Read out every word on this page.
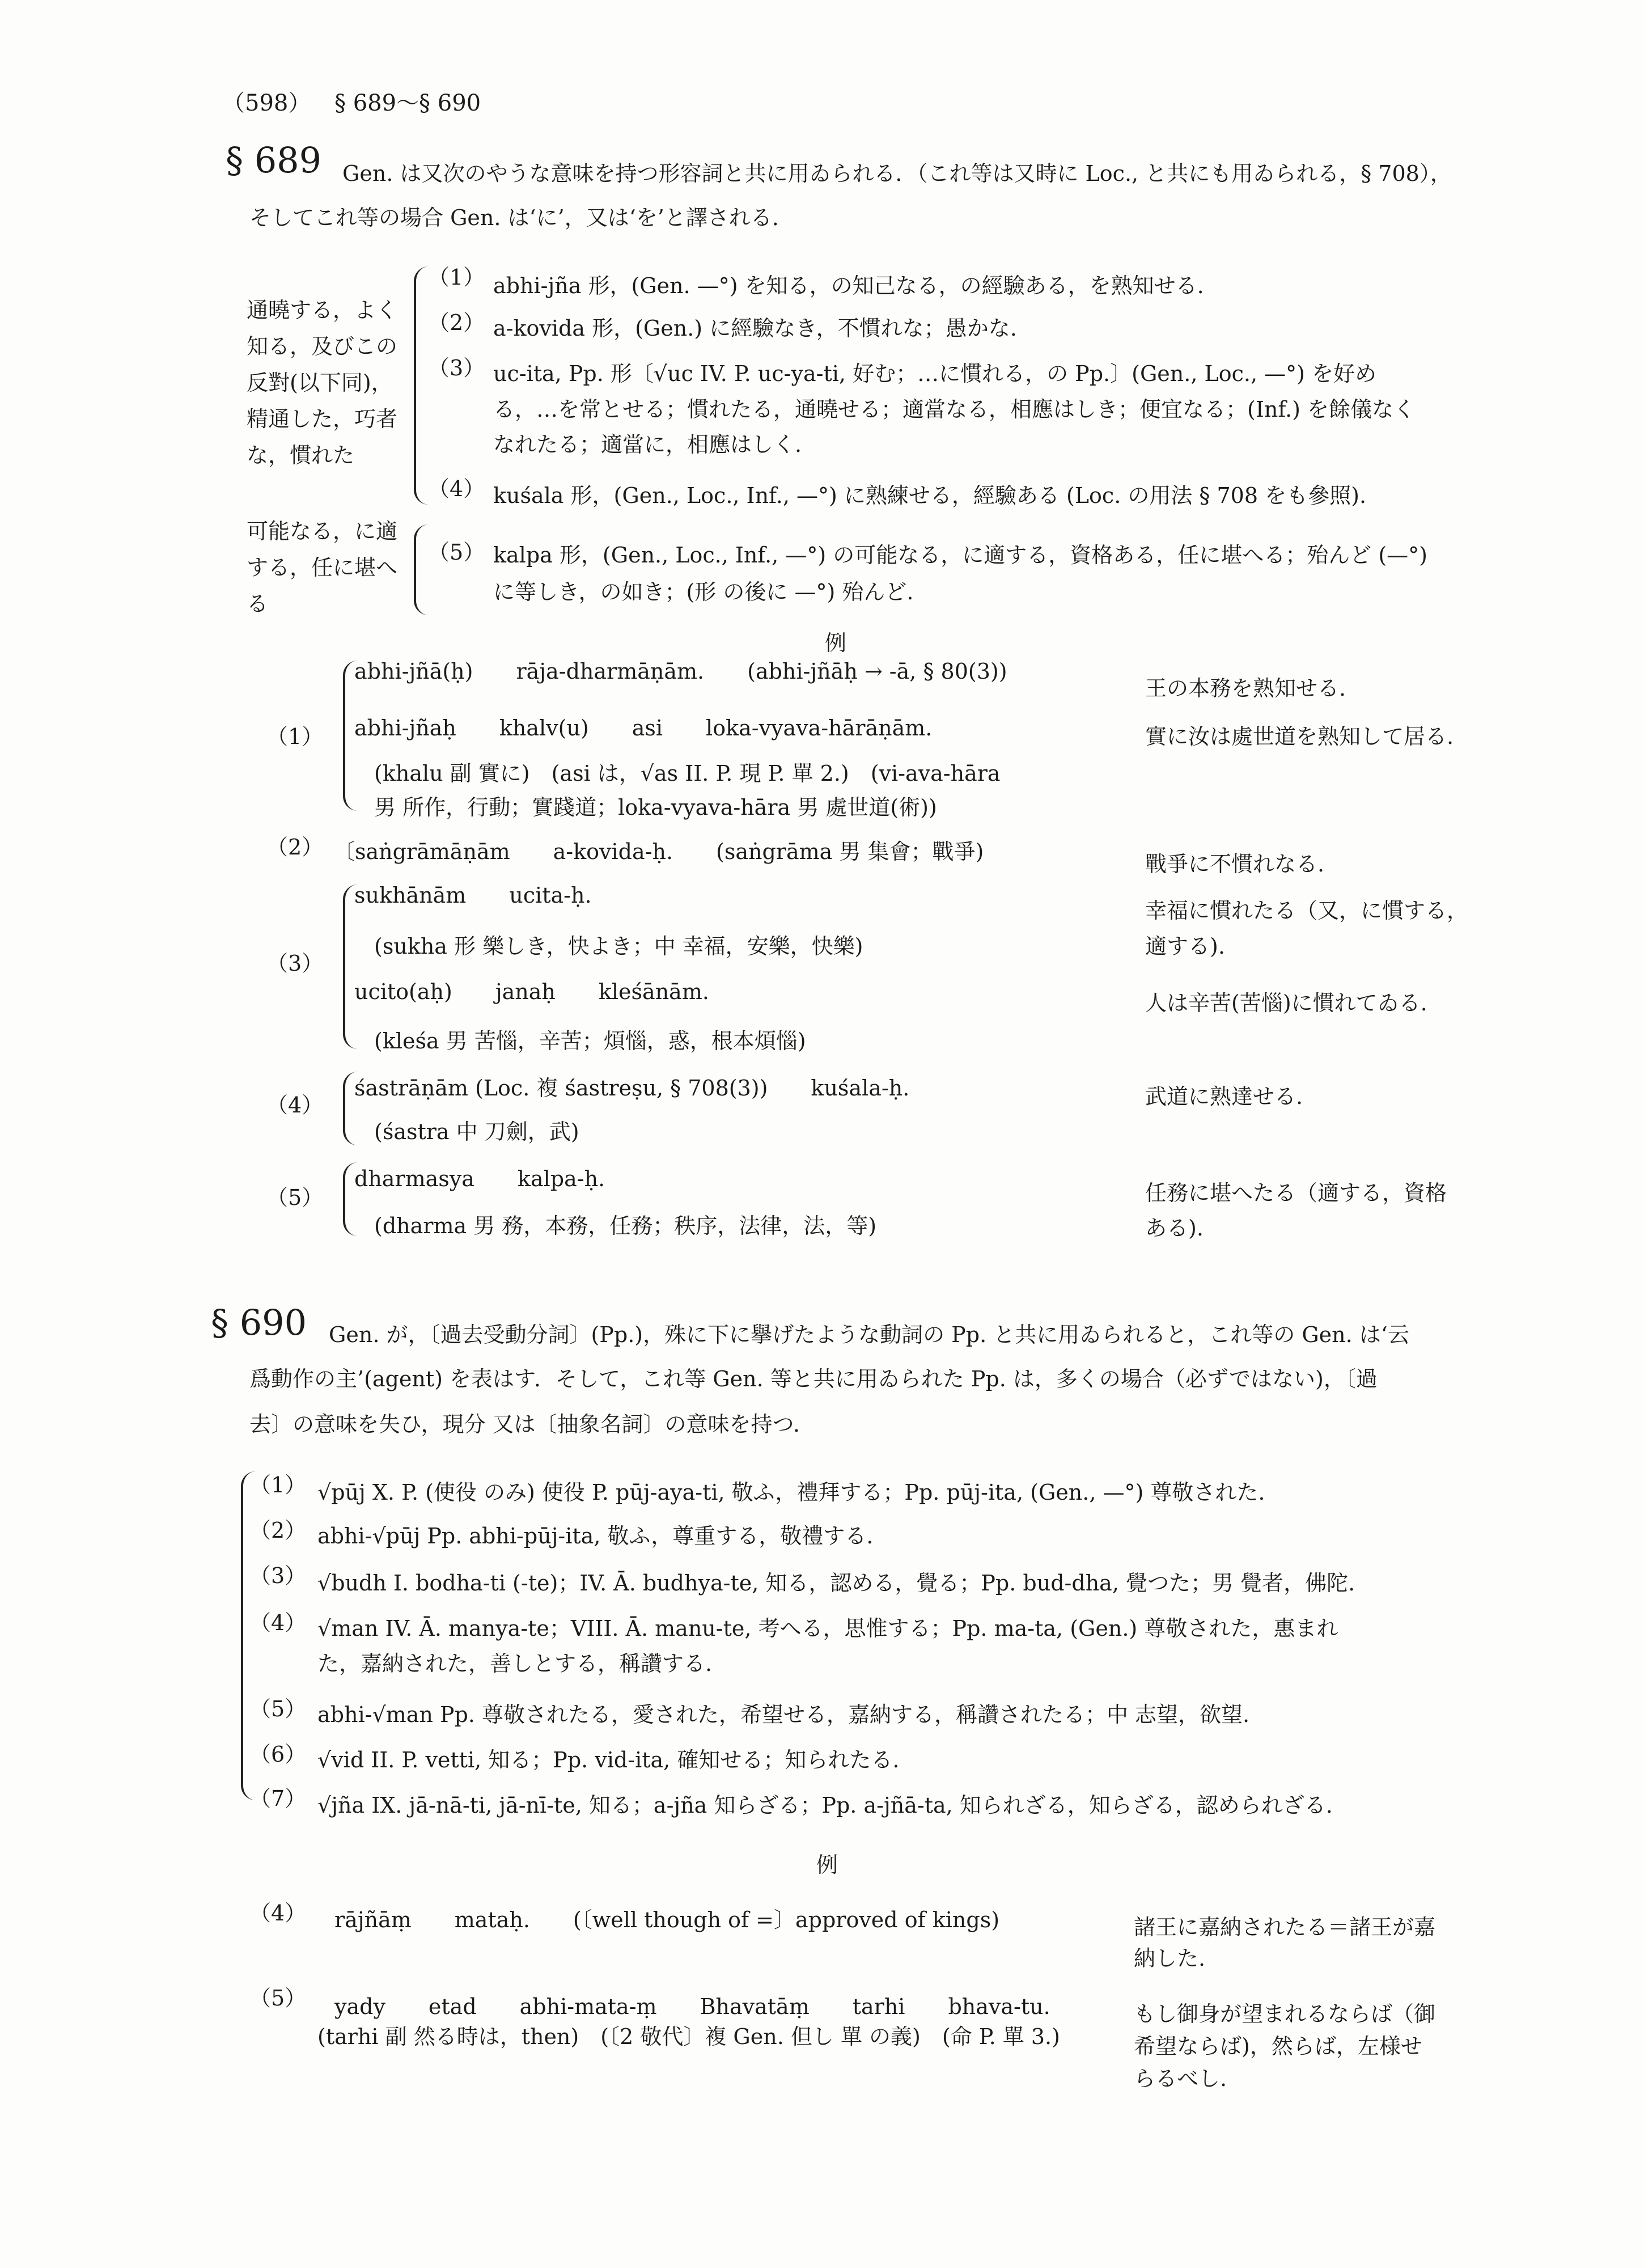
（598） § 689〜§ 690
§ 689 Gen. は又次のやうな意味を持つ形容詞と共に用ゐられる．（これ等は又時に Loc., と共にも用ゐられる，§ 708），
そしてこれ等の場合 Gen. は‘に’，又は‘を’と譯される．
通曉する，よく
知る，及びこの
反對(以下同)，
精通した，巧者
な，慣れた
可能なる，に適
する，任に堪へ
る
（1） abhi-jña 形，(Gen. —°) を知る，の知己なる，の經驗ある，を熟知せる.
（2） a-kovida 形，(Gen.) に經驗なき，不慣れな；愚かな.
（3） uc-ita, Pp. 形〔√uc IV. P. uc-ya-ti, 好む；…に慣れる，の Pp.〕(Gen., Loc., —°) を好め
る，…を常とせる；慣れたる，通曉せる；適當なる，相應はしき；便宜なる；(Inf.) を餘儀なく
なれたる；適當に，相應はしく.
（4） kuśala 形，(Gen., Loc., Inf., —°) に熟練せる，經驗ある (Loc. の用法 § 708 をも參照).
（5） kalpa 形，(Gen., Loc., Inf., —°) の可能なる，に適する，資格ある，任に堪へる；殆んど (—°)
に等しき，の如き；(形 の後に —°) 殆んど.
例
（1）
abhi-jñā(ḥ)　　rāja-dharmāṇām.　　(abhi-jñāḥ → -ā, § 80(3))
abhi-jñaḥ　　khalv(u)　　asi　　loka-vyava-hārāṇām.
(khalu 副 實に)　(asi は，√as II. P. 現 P. 單 2.)　(vi-ava-hāra
男 所作，行動；實踐道；loka-vyava-hāra 男 處世道(術))
王の本務を熟知せる.
實に汝は處世道を熟知して居る.
（2） 〔saṅgrāmāṇām　　a-kovida-ḥ.　　(saṅgrāma 男 集會；戰爭)	戰爭に不慣れなる.
（3）
sukhānām　　ucita-ḥ.
(sukha 形 樂しき，快よき；中 幸福，安樂，快樂)
ucito(aḥ)　　janaḥ　　kleśānām.
(kleśa 男 苦惱，辛苦；煩惱，惑，根本煩惱)
幸福に慣れたる（又，に慣する，
適する).
人は辛苦(苦惱)に慣れてゐる.
（4）
śastrāṇām (Loc. 複 śastreṣu, § 708(3))　　kuśala-ḥ.
(śastra 中 刀劍，武)
武道に熟達せる.
（5）
dharmasya　　kalpa-ḥ.
(dharma 男 務，本務，任務；秩序，法律，法，等)
任務に堪へたる（適する，資格
ある).
§ 690 Gen. が，〔過去受動分詞〕(Pp.)，殊に下に擧げたような動詞の Pp. と共に用ゐられると，これ等の Gen. は‘云
爲動作の主’(agent) を表はす．そして，これ等 Gen. 等と共に用ゐられた Pp. は，多くの場合（必ずではない)，〔過
去〕の意味を失ひ，現分 又は〔抽象名詞〕の意味を持つ．
（1） √pūj X. P. (使役 のみ) 使役 P. pūj-aya-ti, 敬ふ，禮拜する；Pp. pūj-ita, (Gen., —°) 尊敬された.
（2） abhi-√pūj Pp. abhi-pūj-ita, 敬ふ，尊重する，敬禮する.
（3） √budh I. bodha-ti (-te)；IV. Ā. budhya-te, 知る，認める，覺る；Pp. bud-dha, 覺つた；男 覺者，佛陀.
（4） √man IV. Ā. manya-te；VIII. Ā. manu-te, 考へる，思惟する；Pp. ma-ta, (Gen.) 尊敬された，惠まれ
た，嘉納された，善しとする，稱讚する.
（5） abhi-√man Pp. 尊敬されたる，愛された，希望せる，嘉納する，稱讚されたる；中 志望，欲望.
（6） √vid II. P. vetti, 知る；Pp. vid-ita, 確知せる；知られたる.
（7） √jña IX. jā-nā-ti, jā-nī-te, 知る；a-jña 知らざる；Pp. a-jñā-ta, 知られざる，知らざる，認められざる.
例
（4） rājñāṃ　　mataḥ.　　(〔well though of =〕approved of kings)	諸王に嘉納されたる＝諸王が嘉
納した.
（5） yady　　etad　　abhi-mata-ṃ　　Bhavatāṃ　　tarhi　　bhava-tu.
(tarhi 副 然る時は，then)　(〔2 敬代〕複 Gen. 但し 單 の義)　(命 P. 單 3.)
もし御身が望まれるならば（御
希望ならば)，然らば，左様せ
らるべし.
